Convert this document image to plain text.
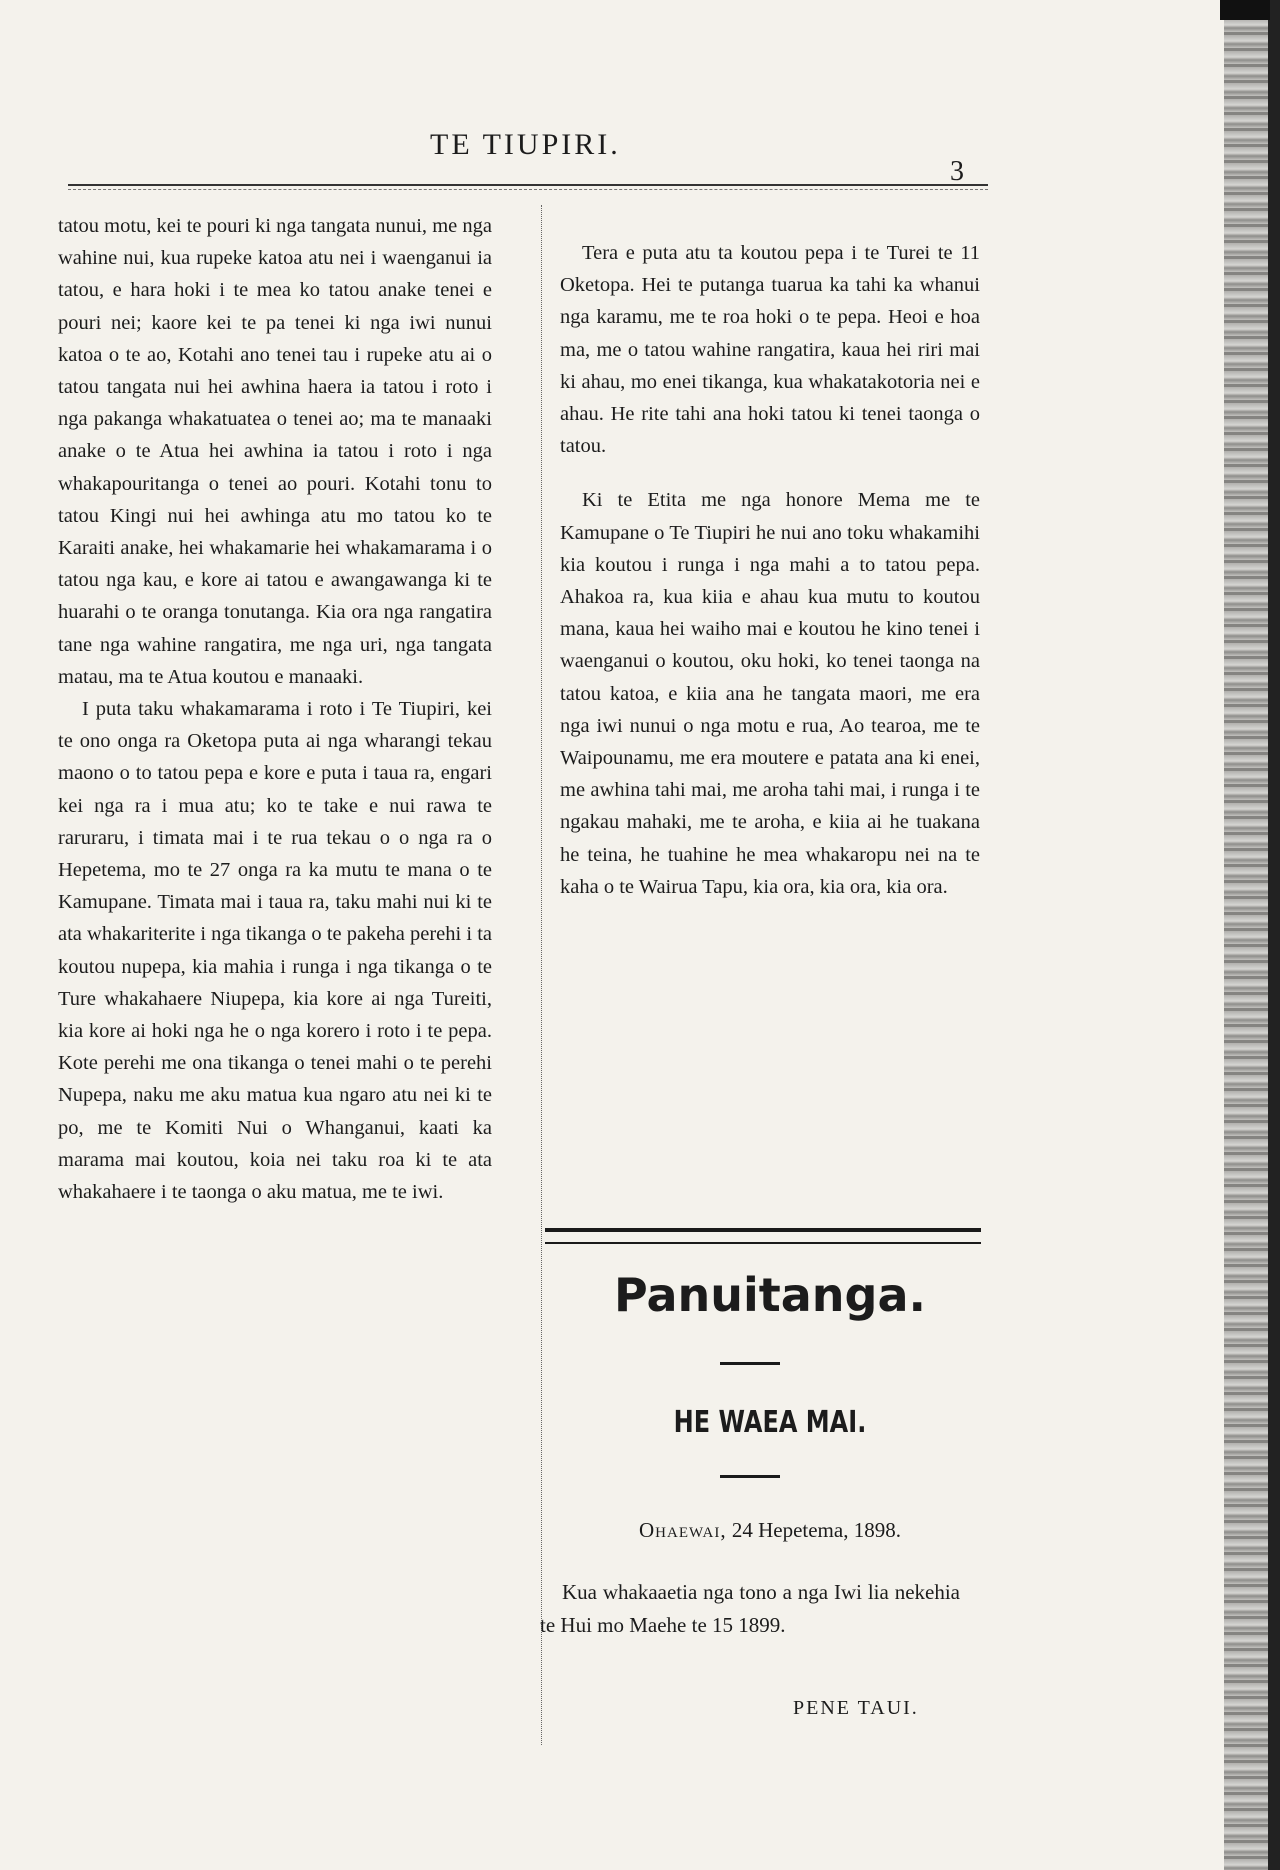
TE TIUPIRI.
3

tatou motu, kei te pouri ki nga tangata nunui, me nga wahine nui, kua rupeke katoa atu nei i waenganui ia tatou, e hara hoki i te mea ko tatou anake tenei e pouri nei; kaore kei te pa tenei ki nga iwi nunui katoa o te ao, Kotahi ano tenei tau i rupeke atu ai o tatou tangata nui hei awhina haera ia tatou i roto i nga pakanga whakatuatea o tenei ao; ma te manaaki anake o te Atua hei awhina ia tatou i roto i nga whakapouritanga o tenei ao pouri. Kotahi tonu to tatou Kingi nui hei awhinga atu mo tatou ko te Karaiti anake, hei whakamarie hei whakamarama i o tatou nga kau, e kore ai tatou e awangawanga ki te huarahi o te oranga tonutanga. Kia ora nga rangatira tane nga wahine rangatira, me nga uri, nga tangata matau, ma te Atua koutou e manaaki.

I puta taku whakamarama i roto i Te Tiupiri, kei te ono onga ra Oketopa puta ai nga wharangi tekau maono o to tatou pepa e kore e puta i taua ra, engari kei nga ra i mua atu; ko te take e nui rawa te raruraru, i timata mai i te rua tekau o o nga ra o Hepetema, mo te 27 onga ra ka mutu te mana o te Kamupane. Timata mai i taua ra, taku mahi nui ki te ata whakariterite i nga tikanga o te pakeha perehi i ta koutou nupepa, kia mahia i runga i nga tikanga o te Ture whakahaere Niupepa, kia kore ai nga Tureiti, kia kore ai hoki nga he o nga korero i roto i te pepa. Kote perehi me ona tikanga o tenei mahi o te perehi Nupepa, naku me aku matua kua ngaro atu nei ki te po, me te Komiti Nui o Whanganui, kaati ka marama mai koutou, koia nei taku roa ki te ata whakahaere i te taonga o aku matua, me te iwi.

Tera e puta atu ta koutou pepa i te Turei te 11 Oketopa. Hei te putanga tuarua ka tahi ka whanui nga karamu, me te roa hoki o te pepa. Heoi e hoa ma, me o tatou wahine rangatira, kaua hei riri mai ki ahau, mo enei tikanga, kua whakatakotoria nei e ahau. He rite tahi ana hoki tatou ki tenei taonga o tatou.

Ki te Etita me nga honore Mema me te Kamupane o Te Tiupiri he nui ano toku whakamihi kia koutou i runga i nga mahi a to tatou pepa. Ahakoa ra, kua kiia e ahau kua mutu to koutou mana, kaua hei waiho mai e koutou he kino tenei i waenganui o koutou, oku hoki, ko tenei taonga na tatou katoa, e kiia ana he tangata maori, me era nga iwi nunui o nga motu e rua, Ao tearoa, me te Waipounamu, me era moutere e patata ana ki enei, me awhina tahi mai, me aroha tahi mai, i runga i te ngakau mahaki, me te aroha, e kiia ai he tuakana he teina, he tuahine he mea whakaropu nei na te kaha o te Wairua Tapu, kia ora, kia ora, kia ora.

Panuitanga.
HE WAEA MAI.
Ohaewai, 24 Hepetema, 1898.
Kua whakaaetia nga tono a nga Iwi lia nekehia te Hui mo Maehe te 15 1899.
PENE TAUI.
